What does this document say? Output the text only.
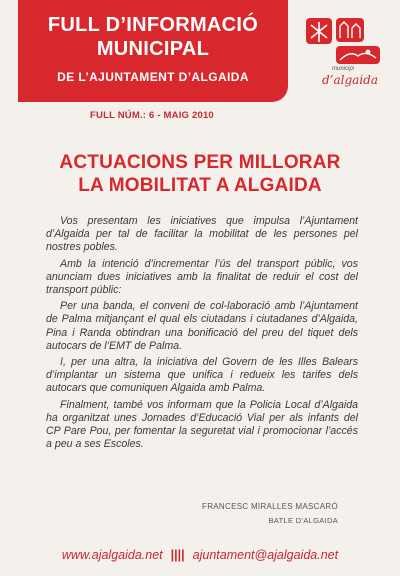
FULL D’INFORMACIÓ
MUNICIPAL
DE L’AJUNTAMENT D’ALGAIDA
FULL NÚM.: 6 - MAIG 2010
municipi
d’algaida
ACTUACIONS PER MILLORAR
LA MOBILITAT A ALGAIDA

Vos presentam les iniciatives que impulsa l’Ajuntament d’Algaida per tal de facilitar la mobilitat de les persones pel nostres pobles.

Amb la intenció d’incrementar l’ús del transport públic, vos anunciam dues iniciatives amb la finalitat de reduir el cost del transport públic:

Per una banda, el conveni de col-laboració amb l’Ajuntament de Palma mitjançant el qual els ciutadans i ciutadanes d’Algaida, Pina i Randa obtindran una bonificació del preu del tiquet dels autocars de l’EMT de Palma.

I, per una altra, la iniciativa del Govern de les Illes Balears d’implantar un sistema que unifica i redueix les tarifes dels autocars que comuniquen Algaida amb Palma.

Finalment, també vos informam que la Policia Local d’Algaida ha organitzat unes Jornades d’Educació Vial per als infants del CP Pare Pou, per fomentar la seguretat vial i promocionar l’accés a peu a ses Escoles.

FRANCESC MIRALLES MASCARÓ
BATLE D’ALGAIDA
www.ajalgaida.net |||| ajuntament@ajalgaida.net
